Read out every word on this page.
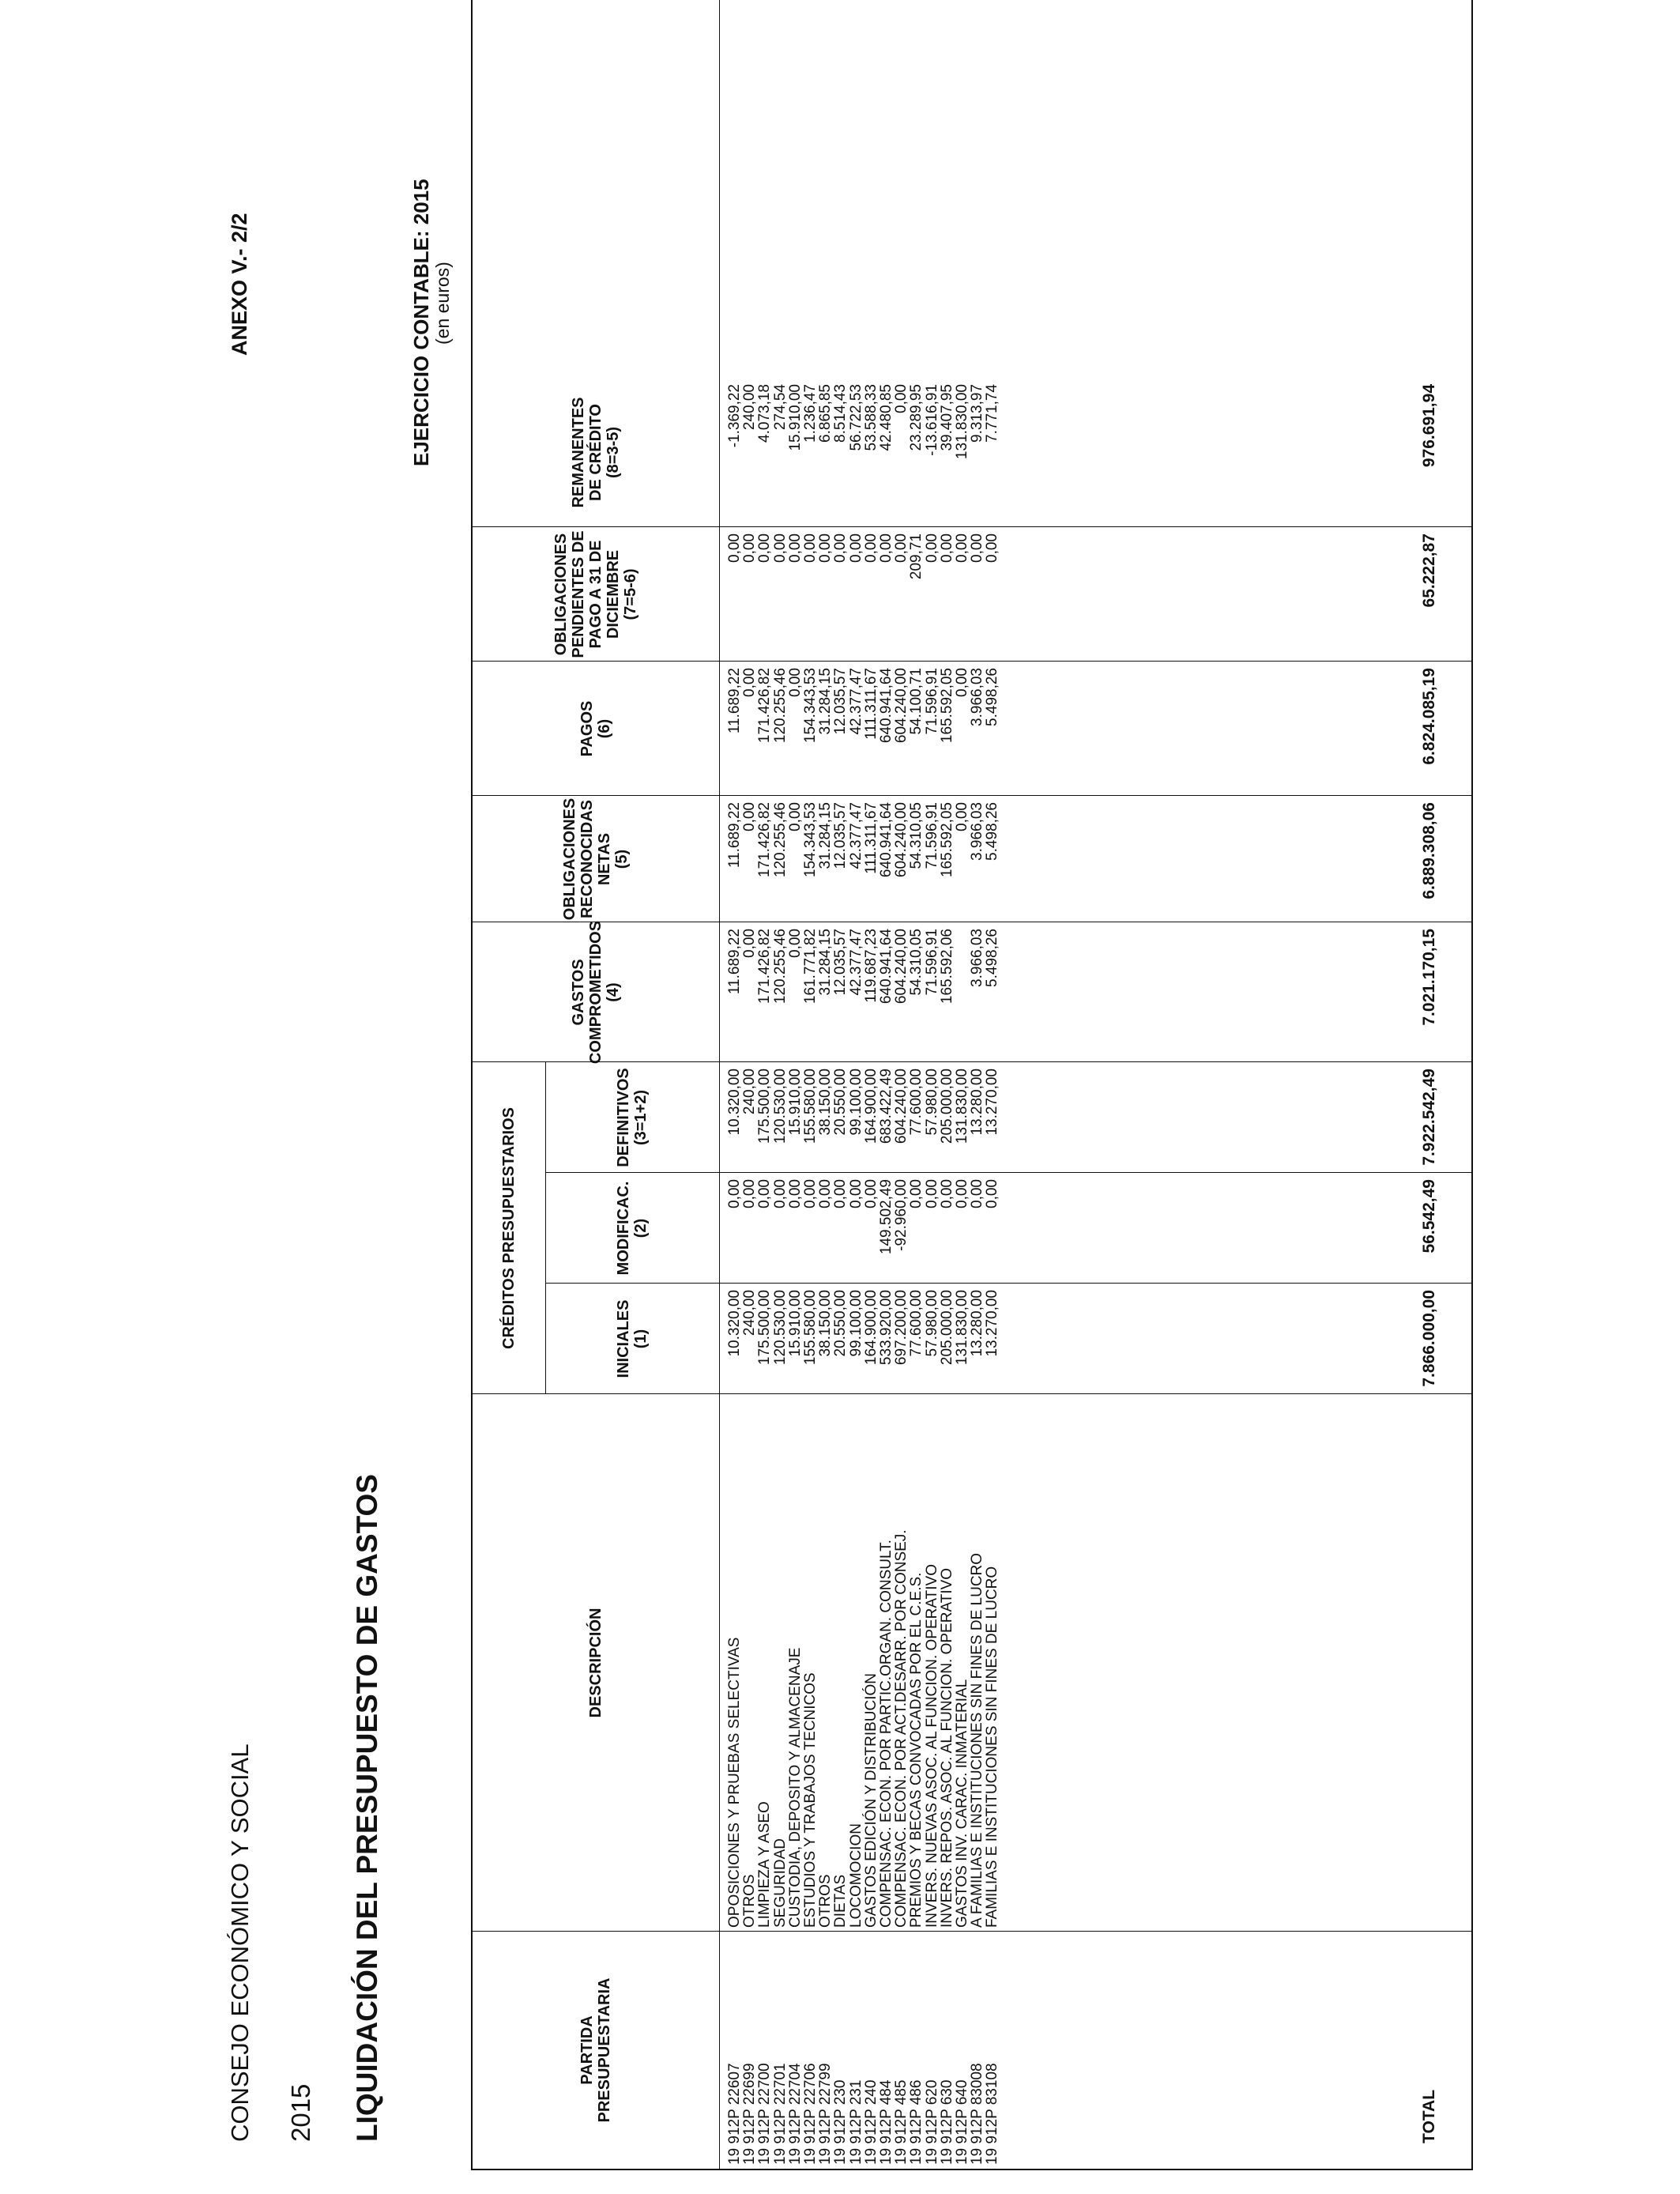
CONSEJO ECONÓMICO Y SOCIAL 2015 LIQUIDACIÓN DEL PRESUPUESTO DE GASTOS
ANEXO V.- 2/2	EJERCICIO CONTABLE: 2015 (en euros)
PARTIDA PRESUPUESTARIA
DESCRIPCIÓN
CRÉDITOS PRESUPUESTARIOS	INICIALES (1)
MODIFICAC. (2)
DEFINITIVOS (3=1+2)
GASTOS COMPROMETIDOS (4)
OBLIGACIONES RECONOCIDAS NETAS (5)
PAGOS (6)
OBLIGACIONES PENDIENTES DE PAGO A 31 DE DICIEMBRE (7=5-6)
REMANENTES DE CRÉDITO (8=3-5)
19 912P 22607
OPOSICIONES Y PRUEBAS SELECTIVAS
10.320,00
0,00
10.320,00
11.689,22
11.689,22
11.689,22
0,00
-1.369,22
19 912P 22699
OTROS
240,00
0,00
240,00
0,00
0,00
0,00
0,00
240,00
19 912P 22700
LIMPIEZA Y ASEO
175.500,00
0,00
175.500,00
171.426,82
171.426,82
171.426,82
0,00
4.073,18
19 912P 22701
SEGURIDAD
120.530,00
0,00
120.530,00
120.255,46
120.255,46
120.255,46
0,00
274,54
19 912P 22704
CUSTODIA, DEPOSITO Y ALMACENAJE
15.910,00
0,00
15.910,00
0,00
0,00
0,00
0,00
15.910,00
19 912P 22706
ESTUDIOS Y TRABAJOS TECNICOS
155.580,00
0,00
155.580,00
161.771,82
154.343,53
154.343,53
0,00
1.236,47
19 912P 22799
OTROS
38.150,00
0,00
38.150,00
31.284,15
31.284,15
31.284,15
0,00
6.865,85
19 912P 230
DIETAS
20.550,00
0,00
20.550,00
12.035,57
12.035,57
12.035,57
0,00
8.514,43
19 912P 231
LOCOMOCION
99.100,00
0,00
99.100,00
42.377,47
42.377,47
42.377,47
0,00
56.722,53
19 912P 240
GASTOS EDICIÓN Y DISTRIBUCIÓN
164.900,00
0,00
164.900,00
119.687,23
111.311,67
111.311,67
0,00
53.588,33
19 912P 484
COMPENSAC. ECON. POR PARTIC.ORGAN. CONSULT.
533.920,00
149.502,49
683.422,49
640.941,64
640.941,64
640.941,64
0,00
42.480,85
19 912P 485
COMPENSAC. ECON. POR ACT.DESARR. POR CONSEJ.
697.200,00
-92.960,00
604.240,00
604.240,00
604.240,00
604.240,00
0,00
0,00
19 912P 486
PREMIOS Y BECAS CONVOCADAS POR EL C.E.S.
77.600,00
0,00
77.600,00
54.310,05
54.310,05
54.100,71
209,71
23.289,95
19 912P 620
INVERS. NUEVAS ASOC. AL FUNCION. OPERATIVO
57.980,00
0,00
57.980,00
71.596,91
71.596,91
71.596,91
0,00
-13.616,91
19 912P 630
INVERS. REPOS. ASOC. AL FUNCION. OPERATIVO
205.000,00
0,00
205.000,00
165.592,06
165.592,05
165.592,05
0,00
39.407,95
19 912P 640
GASTOS INV. CARAC. INMATERIAL
131.830,00
0,00
131.830,00
0,00
0,00
0,00
131.830,00
19 912P 83008
A FAMILIAS E INSTITUCIONES SIN FINES DE LUCRO
13.280,00
0,00
13.280,00
3.966,03
3.966,03
3.966,03
0,00
9.313,97
19 912P 83108
FAMILIAS E INSTITUCIONES SIN FINES DE LUCRO
13.270,00
0,00
13.270,00
5.498,26
5.498,26
5.498,26
0,00
7.771,74
TOTAL
7.866.000,00
56.542,49
7.922.542,49
7.021.170,15
6.889.308,06
6.824.085,19
65.222,87
976.691,94
